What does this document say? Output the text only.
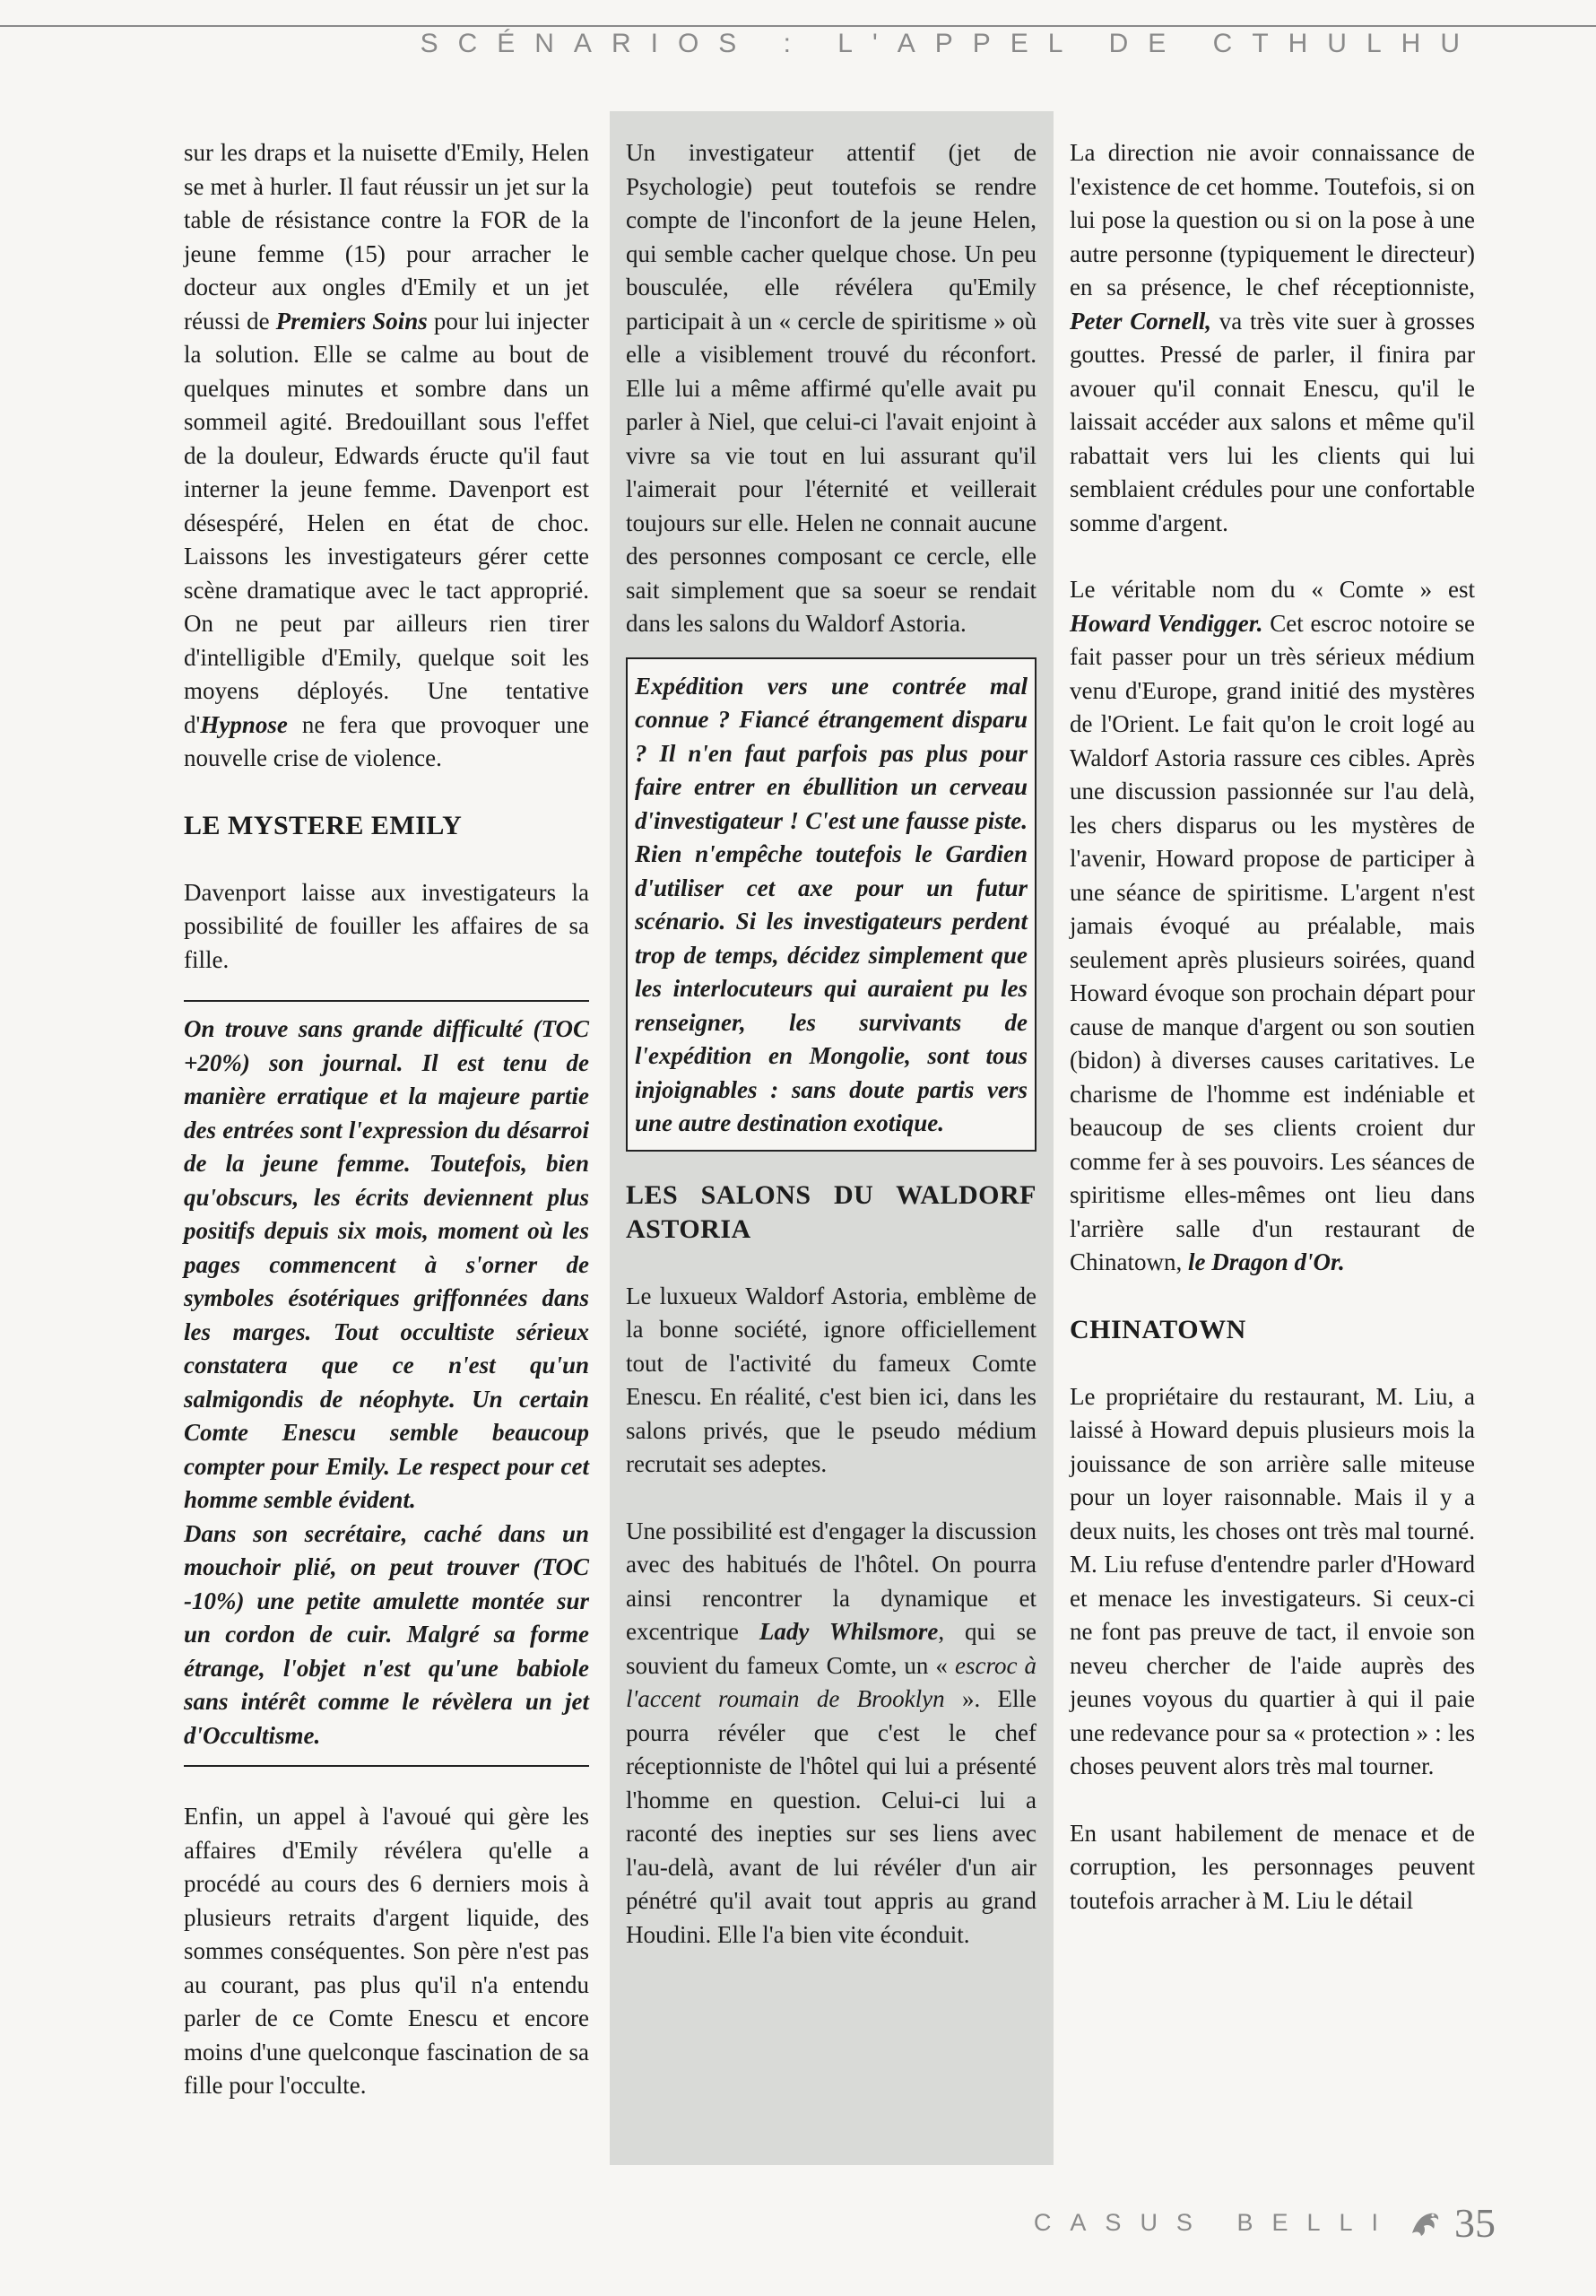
SCÉNARIOS : L'APPEL DE CTHULHU

sur les draps et la nuisette d'Emily, Helen se met à hurler. Il faut réussir un jet sur la table de résistance contre la FOR de la jeune femme (15) pour arracher le docteur aux ongles d'Emily et un jet réussi de Premiers Soins pour lui injecter la solution. Elle se calme au bout de quelques minutes et sombre dans un sommeil agité. Bredouillant sous l'effet de la douleur, Edwards éructe qu'il faut interner la jeune femme. Davenport est désespéré, Helen en état de choc. Laissons les investigateurs gérer cette scène dramatique avec le tact approprié. On ne peut par ailleurs rien tirer d'intelligible d'Emily, quelque soit les moyens déployés. Une tentative d'Hypnose ne fera que provoquer une nouvelle crise de violence.

LE MYSTERE EMILY

Davenport laisse aux investigateurs la possibilité de fouiller les affaires de sa fille.

On trouve sans grande difficulté (TOC +20%) son journal. Il est tenu de manière erratique et la majeure partie des entrées sont l'expression du désarroi de la jeune femme. Toutefois, bien qu'obscurs, les écrits deviennent plus positifs depuis six mois, moment où les pages commencent à s'orner de symboles ésotériques griffonnées dans les marges. Tout occultiste sérieux constatera que ce n'est qu'un salmigondis de néophyte. Un certain Comte Enescu semble beaucoup compter pour Emily. Le respect pour cet homme semble évident.

Dans son secrétaire, caché dans un mouchoir plié, on peut trouver (TOC -10%) une petite amulette montée sur un cordon de cuir. Malgré sa forme étrange, l'objet n'est qu'une babiole sans intérêt comme le révèlera un jet d'Occultisme.

Enfin, un appel à l'avoué qui gère les affaires d'Emily révélera qu'elle a procédé au cours des 6 derniers mois à plusieurs retraits d'argent liquide, des sommes conséquentes. Son père n'est pas au courant, pas plus qu'il n'a entendu parler de ce Comte Enescu et encore moins d'une quelconque fascination de sa fille pour l'occulte.

Un investigateur attentif (jet de Psychologie) peut toutefois se rendre compte de l'inconfort de la jeune Helen, qui semble cacher quelque chose. Un peu bousculée, elle révélera qu'Emily participait à un « cercle de spiritisme » où elle a visiblement trouvé du réconfort. Elle lui a même affirmé qu'elle avait pu parler à Niel, que celui-ci l'avait enjoint à vivre sa vie tout en lui assurant qu'il l'aimerait pour l'éternité et veillerait toujours sur elle. Helen ne connait aucune des personnes composant ce cercle, elle sait simplement que sa soeur se rendait dans les salons du Waldorf Astoria.

Expédition vers une contrée mal connue ? Fiancé étrangement disparu ? Il n'en faut parfois pas plus pour faire entrer en ébullition un cerveau d'investigateur ! C'est une fausse piste. Rien n'empêche toutefois le Gardien d'utiliser cet axe pour un futur scénario. Si les investigateurs perdent trop de temps, décidez simplement que les interlocuteurs qui auraient pu les renseigner, les survivants de l'expédition en Mongolie, sont tous injoignables : sans doute partis vers une autre destination exotique.

LES SALONS DU WALDORF ASTORIA

Le luxueux Waldorf Astoria, emblème de la bonne société, ignore officiellement tout de l'activité du fameux Comte Enescu. En réalité, c'est bien ici, dans les salons privés, que le pseudo médium recrutait ses adeptes.

Une possibilité est d'engager la discussion avec des habitués de l'hôtel. On pourra ainsi rencontrer la dynamique et excentrique Lady Whilsmore, qui se souvient du fameux Comte, un « escroc à l'accent roumain de Brooklyn ». Elle pourra révéler que c'est le chef réceptionniste de l'hôtel qui lui a présenté l'homme en question. Celui-ci lui a raconté des inepties sur ses liens avec l'au-delà, avant de lui révéler d'un air pénétré qu'il avait tout appris au grand Houdini. Elle l'a bien vite éconduit.

La direction nie avoir connaissance de l'existence de cet homme. Toutefois, si on lui pose la question ou si on la pose à une autre personne (typiquement le directeur) en sa présence, le chef réceptionniste, Peter Cornell, va très vite suer à grosses gouttes. Pressé de parler, il finira par avouer qu'il connait Enescu, qu'il le laissait accéder aux salons et même qu'il rabattait vers lui les clients qui lui semblaient crédules pour une confortable somme d'argent.

Le véritable nom du « Comte » est Howard Vendigger. Cet escroc notoire se fait passer pour un très sérieux médium venu d'Europe, grand initié des mystères de l'Orient. Le fait qu'on le croit logé au Waldorf Astoria rassure ces cibles. Après une discussion passionnée sur l'au delà, les chers disparus ou les mystères de l'avenir, Howard propose de participer à une séance de spiritisme. L'argent n'est jamais évoqué au préalable, mais seulement après plusieurs soirées, quand Howard évoque son prochain départ pour cause de manque d'argent ou son soutien (bidon) à diverses causes caritatives. Le charisme de l'homme est indéniable et beaucoup de ses clients croient dur comme fer à ses pouvoirs. Les séances de spiritisme elles-mêmes ont lieu dans l'arrière salle d'un restaurant de Chinatown, le Dragon d'Or.

CHINATOWN

Le propriétaire du restaurant, M. Liu, a laissé à Howard depuis plusieurs mois la jouissance de son arrière salle miteuse pour un loyer raisonnable. Mais il y a deux nuits, les choses ont très mal tourné. M. Liu refuse d'entendre parler d'Howard et menace les investigateurs. Si ceux-ci ne font pas preuve de tact, il envoie son neveu chercher de l'aide auprès des jeunes voyous du quartier à qui il paie une redevance pour sa « protection » : les choses peuvent alors très mal tourner.

En usant habilement de menace et de corruption, les personnages peuvent toutefois arracher à M. Liu le détail

CASUS BELLI 35
